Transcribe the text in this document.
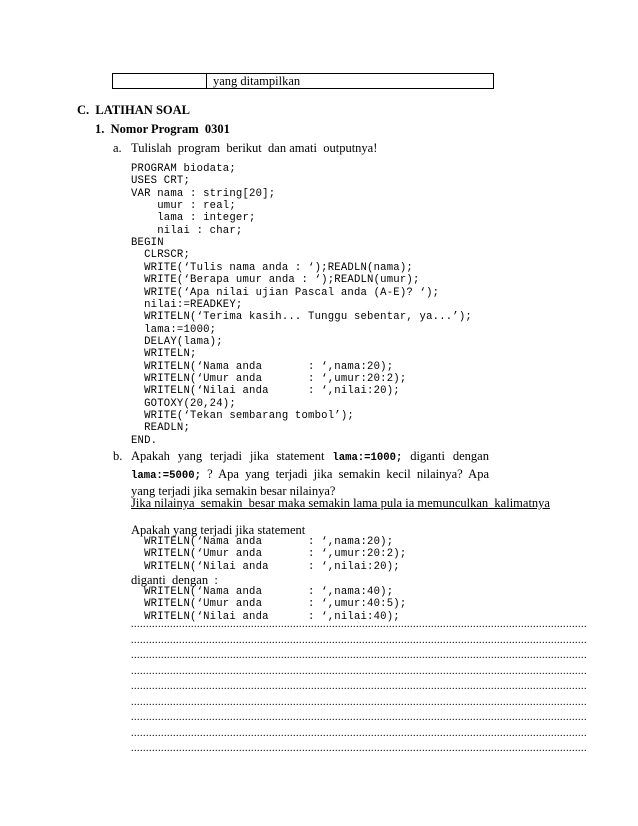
yang ditampilkan
C.  LATIHAN SOAL
1.  Nomor Program  0301
a. Tulislah  program  berikut  dan amati  outputnya!
PROGRAM biodata;
USES CRT;
VAR nama : string[20];
umur : real;
lama : integer;
nilai : char;
BEGIN
CLRSCR;
WRITE(‘Tulis nama anda : ‘);READLN(nama);
WRITE(‘Berapa umur anda : ‘);READLN(umur);
WRITE(‘Apa nilai ujian Pascal anda (A-E)? ‘);
nilai:=READKEY;
WRITELN(‘Terima kasih... Tunggu sebentar, ya...’);
lama:=1000;
DELAY(lama);
WRITELN;
WRITELN(‘Nama anda       : ‘,nama:20);
WRITELN(‘Umur anda       : ‘,umur:20:2);
WRITELN(‘Nilai anda      : ‘,nilai:20);
GOTOXY(20,24);
WRITE(‘Tekan sembarang tombol’);
READLN;
END.
b. Apakah yang terjadi jika statement lama:=1000; diganti dengan lama:=5000; ? Apa yang terjadi jika semakin kecil nilainya? Apa yang terjadi jika semakin besar nilainya?
Jika nilainya  semakin  besar maka semakin lama pula ia memunculkan  kalimatnya
Apakah yang terjadi jika statement
WRITELN(‘Nama anda       : ‘,nama:20);
WRITELN(‘Umur anda       : ‘,umur:20:2);
WRITELN(‘Nilai anda      : ‘,nilai:20);
diganti  dengan  :
WRITELN(‘Nama anda       : ‘,nama:40);
WRITELN(‘Umur anda       : ‘,umur:40:5);
WRITELN(‘Nilai anda      : ‘,nilai:40);
........................................................................................................................................................
........................................................................................................................................................
........................................................................................................................................................
........................................................................................................................................................
........................................................................................................................................................
........................................................................................................................................................
........................................................................................................................................................
........................................................................................................................................................
........................................................................................................................................................
